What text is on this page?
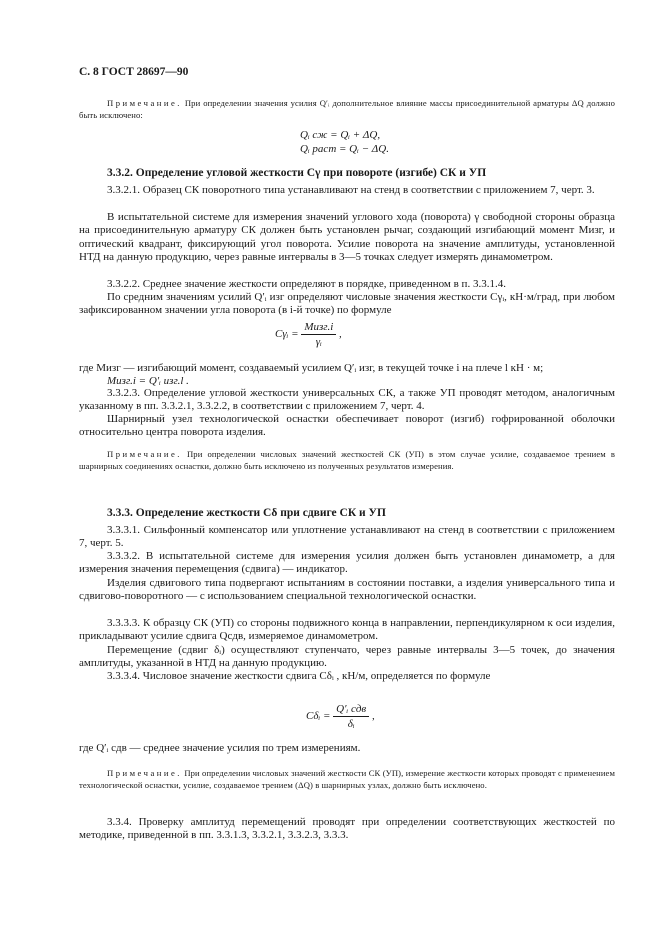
С. 8 ГОСТ 28697—90

Примечание. При определении значения усилия Q′ᵢ дополнительное влияние массы присоединительной арматуры ΔQ должно быть исключено:

Qᵢ сж = Qᵢ + ΔQ,

Qᵢ раст = Qᵢ − ΔQ.

3.3.2. Определение угловой жесткости Cγ при повороте (изгибе) СК и УП

3.3.2.1. Образец СК поворотного типа устанавливают на стенд в соответствии с приложением 7, черт. 3.

В испытательной системе для измерения значений углового хода (поворота) γ свободной стороны образца на присоединительную арматуру СК должен быть установлен рычаг, создающий изгибающий момент Mизг, и оптический квадрант, фиксирующий угол поворота. Усилие поворота на значение амплитуды, установленной НТД на данную продукцию, через равные интервалы в 3—5 точках следует измерять динамометром.

3.3.2.2. Среднее значение жесткости определяют в порядке, приведенном в п. 3.3.1.4.

По средним значениям усилий Q′ᵢ изг определяют числовые значения жесткости Cγᵢ, кН·м/град, при любом зафиксированном значении угла поворота (в i-й точке) по формуле

Cγᵢ = $\frac{\text{Mизг.i}}{\text{γᵢ}}$ ,

где Mизг — изгибающий момент, создаваемый усилием Q′ᵢ изг, в текущей точке i на плече l кН · м;

Mизг.i = Q′ᵢ изг.l .

3.3.2.3. Определение угловой жесткости универсальных СК, а также УП проводят методом, аналогичным указанному в пп. 3.3.2.1, 3.3.2.2, в соответствии с приложением 7, черт. 4.

Шарнирный узел технологической оснастки обеспечивает поворот (изгиб) гофрированной оболочки относительно центра поворота изделия.

Примечание. При определении числовых значений жесткостей СК (УП) в этом случае усилие, создаваемое трением в шарнирных соединениях оснастки, должно быть исключено из полученных результатов измерения.

3.3.3. Определение жесткости Cδ при сдвиге СК и УП

3.3.3.1. Сильфонный компенсатор или уплотнение устанавливают на стенд в соответствии с приложением 7, черт. 5.

3.3.3.2. В испытательной системе для измерения усилия должен быть установлен динамометр, а для измерения значения перемещения (сдвига) — индикатор.

Изделия сдвигового типа подвергают испытаниям в состоянии поставки, а изделия универсального типа и сдвигово-поворотного — с использованием специальной технологической оснастки.

3.3.3.3. К образцу СК (УП) со стороны подвижного конца в направлении, перпендикулярном к оси изделия, прикладывают усилие сдвига Qсдв, измеряемое динамометром.

Перемещение (сдвиг δᵢ) осуществляют ступенчато, через равные интервалы 3—5 точек, до значения амплитуды, указанной в НТД на данную продукцию.

3.3.3.4. Числовое значение жесткости сдвига Cδᵢ , кН/м, определяется по формуле

Cδᵢ = $\frac{\text{Q′ᵢ сдв}}{\text{δᵢ}}$ ,

где Q′ᵢ сдв — среднее значение усилия по трем измерениям.

Примечание. При определении числовых значений жесткости СК (УП), измерение жесткости которых проводят с применением технологической оснастки, усилие, создаваемое трением (ΔQ) в шарнирных узлах, должно быть исключено.

3.3.4. Проверку амплитуд перемещений проводят при определении соответствующих жесткостей по методике, приведенной в пп. 3.3.1.3, 3.3.2.1, 3.3.2.3, 3.3.3.
